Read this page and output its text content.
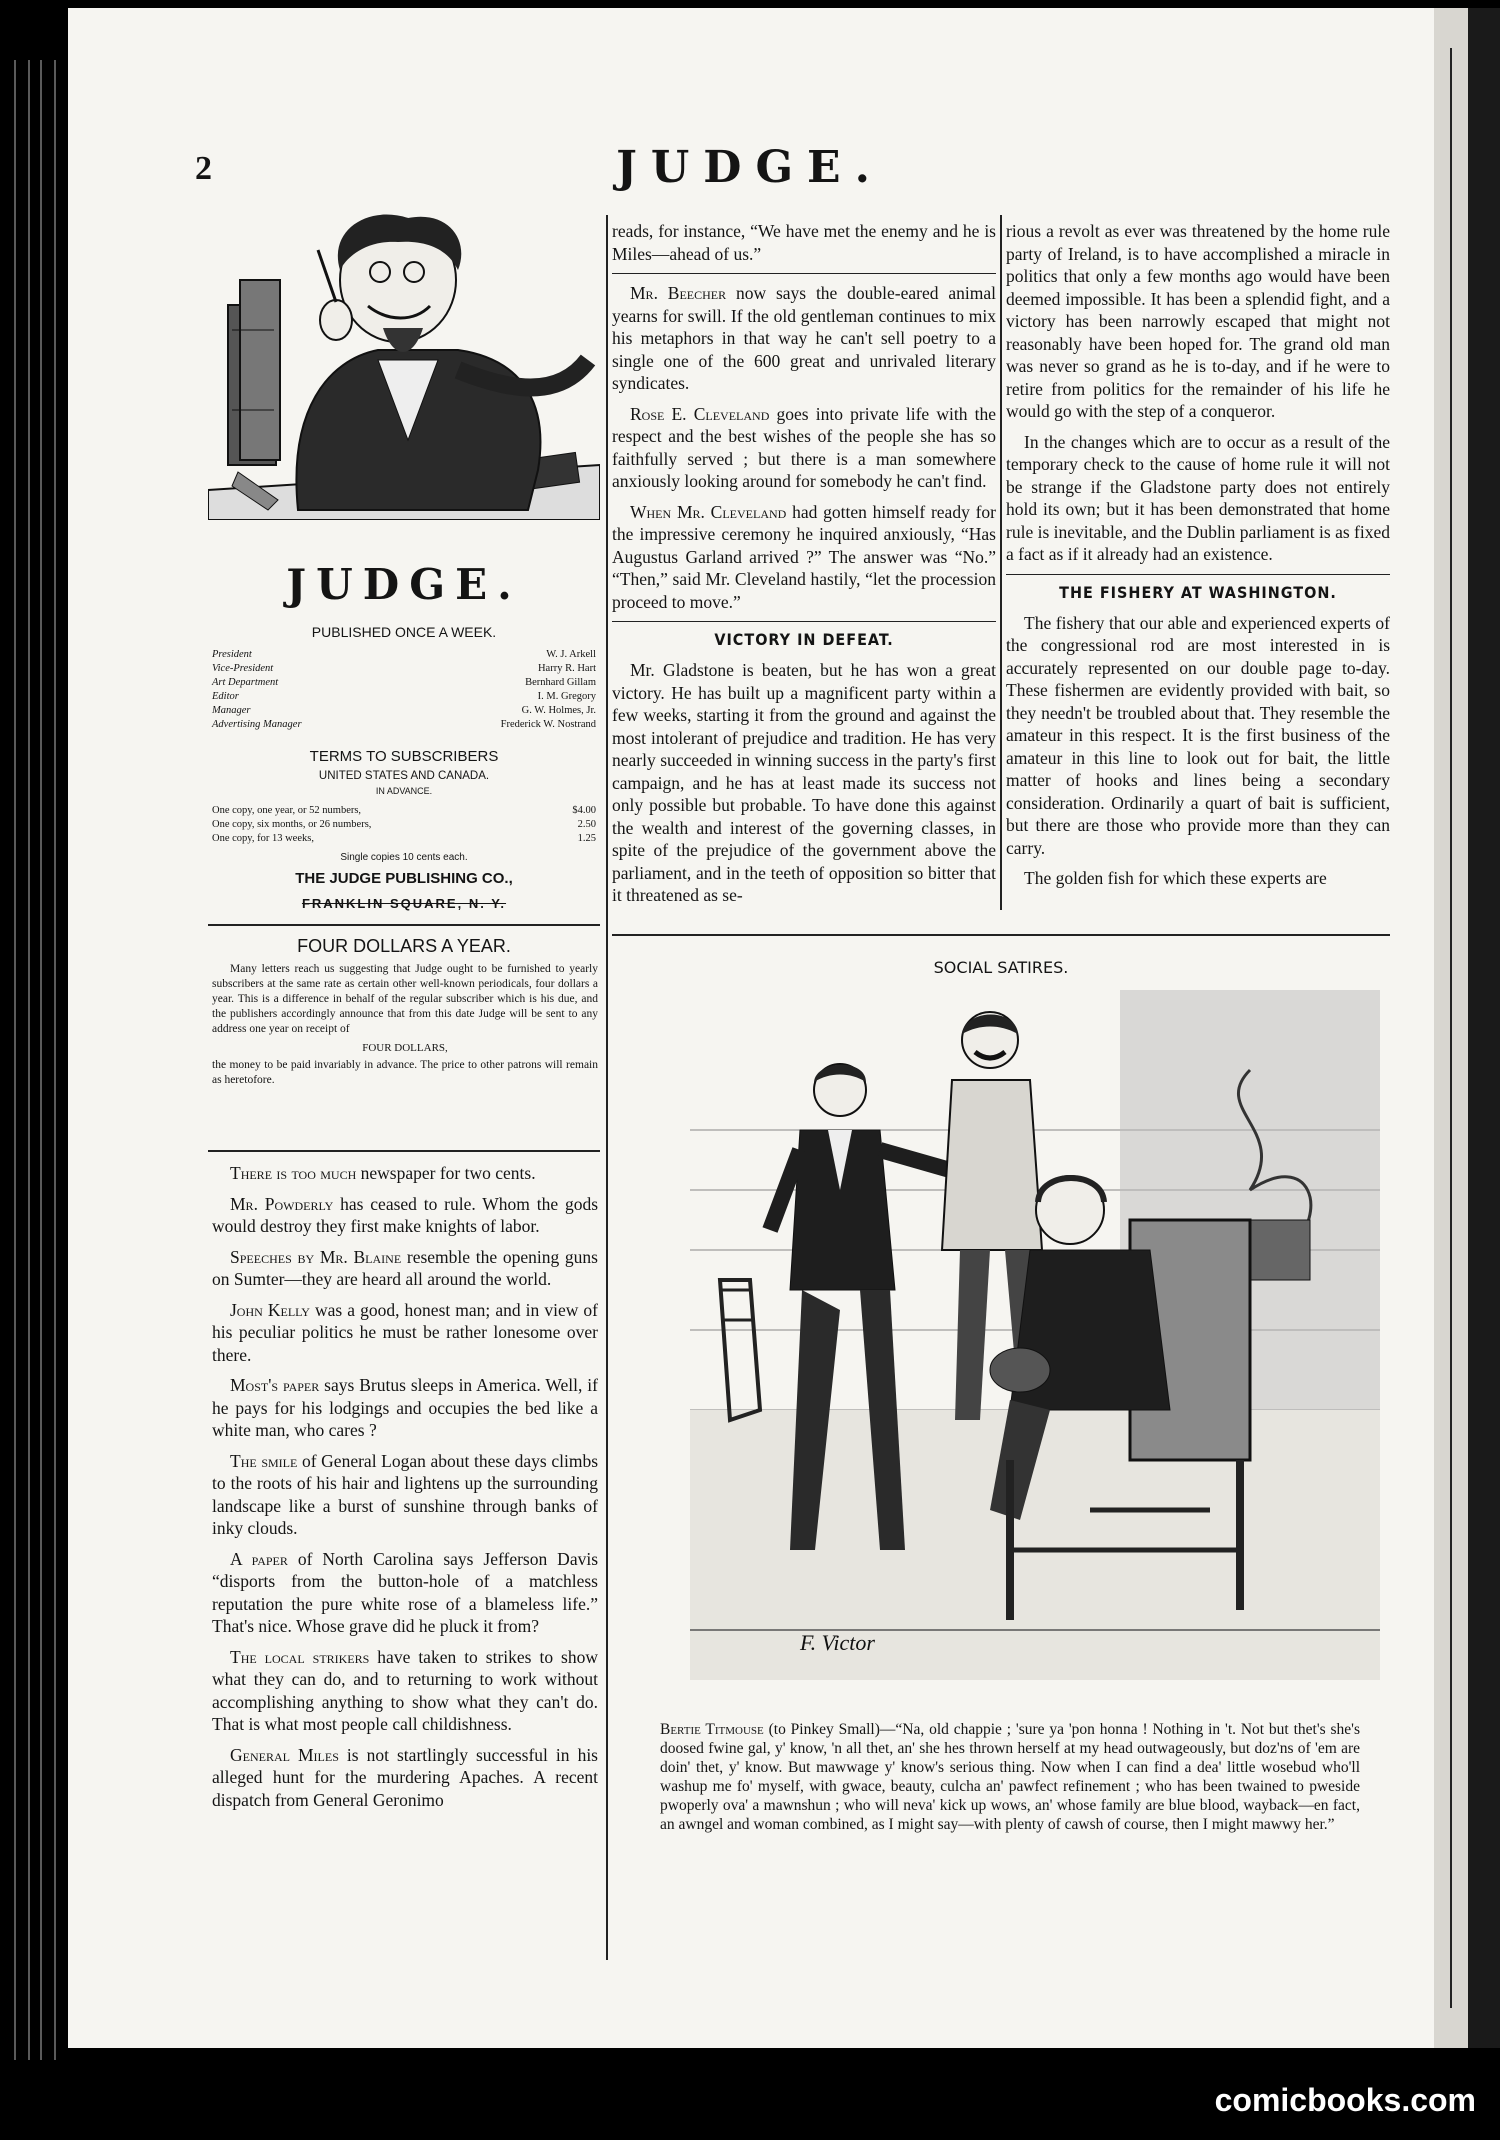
2	JUDGE.
JUDGE.
PUBLISHED ONCE A WEEK.
President	W. J. Arkell
Vice-President	Harry R. Hart
Art Department	Bernhard Gillam
Editor	I. M. Gregory
Manager	G. W. Holmes, Jr.
Advertising Manager	Frederick W. Nostrand
TERMS TO SUBSCRIBERS
UNITED STATES AND CANADA.
IN ADVANCE.
One copy, one year, or 52 numbers,	$4.00
One copy, six months, or 26 numbers,	2.50
One copy, for 13 weeks,	1.25
Single copies 10 cents each.
THE JUDGE PUBLISHING CO.,
FRANKLIN SQUARE, N. Y.
FOUR DOLLARS A YEAR.

Many letters reach us suggesting that Judge ought to be furnished to yearly subscribers at the same rate as certain other well-known periodicals, four dollars a year. This is a difference in behalf of the regular subscriber which is his due, and the publishers accordingly announce that from this date Judge will be sent to any address one year on receipt of

FOUR DOLLARS,

the money to be paid invariably in advance. The price to other patrons will remain as heretofore.

There is too much newspaper for two cents.

Mr. Powderly has ceased to rule. Whom the gods would destroy they first make knights of labor.

Speeches by Mr. Blaine resemble the opening guns on Sumter—they are heard all around the world.

John Kelly was a good, honest man; and in view of his peculiar politics he must be rather lonesome over there.

Most's paper says Brutus sleeps in America. Well, if he pays for his lodgings and occupies the bed like a white man, who cares ?

The smile of General Logan about these days climbs to the roots of his hair and lightens up the surrounding landscape like a burst of sunshine through banks of inky clouds.

A paper of North Carolina says Jefferson Davis “disports from the button-hole of a matchless reputation the pure white rose of a blameless life.” That's nice. Whose grave did he pluck it from?

The local strikers have taken to strikes to show what they can do, and to returning to work without accomplishing anything to show what they can't do. That is what most people call childishness.

General Miles is not startlingly successful in his alleged hunt for the murdering Apaches. A recent dispatch from General Geronimo

reads, for instance, “We have met the enemy and he is Miles—ahead of us.”

Mr. Beecher now says the double-eared animal yearns for swill. If the old gentleman continues to mix his metaphors in that way he can't sell poetry to a single one of the 600 great and unrivaled literary syndicates.

Rose E. Cleveland goes into private life with the respect and the best wishes of the people she has so faithfully served ; but there is a man somewhere anxiously looking around for somebody he can't find.

When Mr. Cleveland had gotten himself ready for the impressive ceremony he inquired anxiously, “Has Augustus Garland arrived ?” The answer was “No.” “Then,” said Mr. Cleveland hastily, “let the procession proceed to move.”

VICTORY IN DEFEAT.

Mr. Gladstone is beaten, but he has won a great victory. He has built up a magnificent party within a few weeks, starting it from the ground and against the most intolerant of prejudice and tradition. He has very nearly succeeded in winning success in the party's first campaign, and he has at least made its success not only possible but probable. To have done this against the wealth and interest of the governing classes, in spite of the prejudice of the government above the parliament, and in the teeth of opposition so bitter that it threatened as se-

rious a revolt as ever was threatened by the home rule party of Ireland, is to have accomplished a miracle in politics that only a few months ago would have been deemed impossible. It has been a splendid fight, and a victory has been narrowly escaped that might not reasonably have been hoped for. The grand old man was never so grand as he is to-day, and if he were to retire from politics for the remainder of his life he would go with the step of a conqueror.

In the changes which are to occur as a result of the temporary check to the cause of home rule it will not be strange if the Gladstone party does not entirely hold its own; but it has been demonstrated that home rule is inevitable, and the Dublin parliament is as fixed a fact as if it already had an existence.

THE FISHERY AT WASHINGTON.

The fishery that our able and experienced experts of the congressional rod are most interested in is accurately represented on our double page to-day. These fishermen are evidently provided with bait, so they needn't be troubled about that. They resemble the amateur in this respect. It is the first business of the amateur in this line to look out for bait, the little matter of hooks and lines being a secondary consideration. Ordinarily a quart of bait is sufficient, but there are those who provide more than they can carry.

The golden fish for which these experts are

SOCIAL SATIRES.
F. Victor
Bertie Titmouse (to Pinkey Small)—“Na, old chappie ; 'sure ya 'pon honna ! Nothing in 't. Not but thet's she's doosed fwine gal, y' know, 'n all thet, an' she hes thrown herself at my head outwageously, but doz'ns of 'em are doin' thet, y' know. But mawwage y' know's serious thing. Now when I can find a dea' little wosebud who'll washup me fo' myself, with gwace, beauty, culcha an' pawfect refinement ; who has been twained to pweside pwoperly ova' a mawnshun ; who will neva' kick up wows, an' whose family are blue blood, wayback—en fact, an awngel and woman combined, as I might say—with plenty of cawsh of course, then I might mawwy her.”
comicbooks.com
